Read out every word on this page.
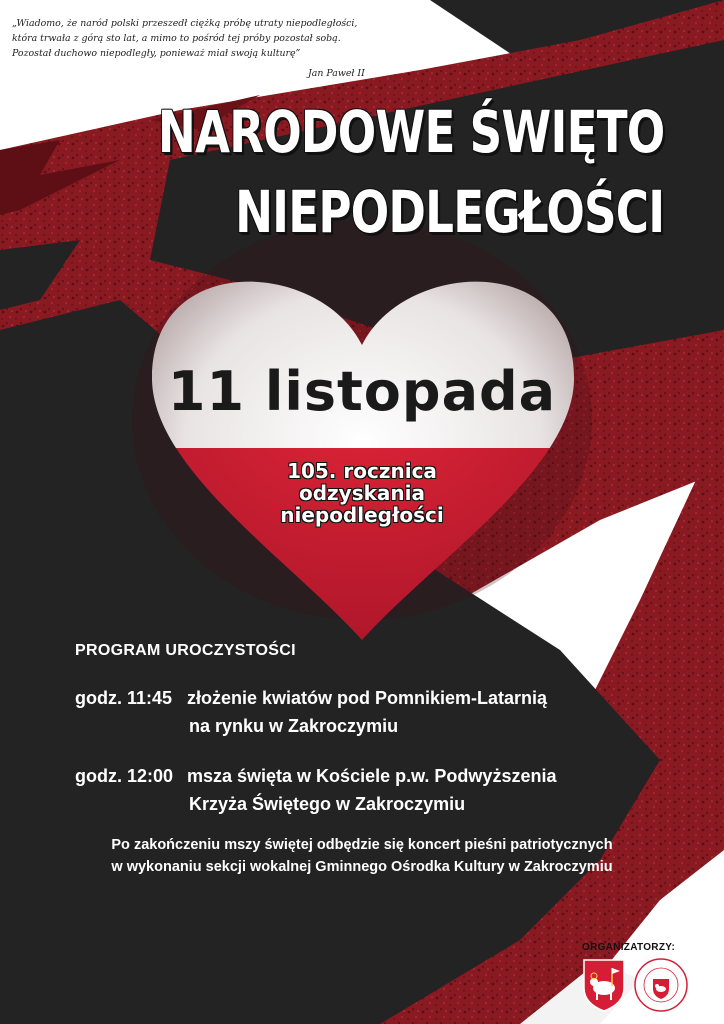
„Wiadomo, że naród polski przeszedł ciężką próbę utraty niepodległości,
która trwała z górą sto lat, a mimo to pośród tej próby pozostał sobą.
Pozostał duchowo niepodległy, ponieważ miał swoją kulturę”
Jan Paweł II
NARODOWE ŚWIĘTO
NIEPODLEGŁOŚCI
11 listopada
105. rocznica
odzyskania
niepodległości
PROGRAM UROCZYSTOŚCI
godz. 11:45 złożenie kwiatów pod Pomnikiem-Latarnią
na rynku w Zakroczymiu
godz. 12:00 msza święta w Kościele p.w. Podwyższenia
Krzyża Świętego w Zakroczymiu
Po zakończeniu mszy świętej odbędzie się koncert pieśni patriotycznych
w wykonaniu sekcji wokalnej Gminnego Ośrodka Kultury w Zakroczymiu
ORGANIZATORZY:
